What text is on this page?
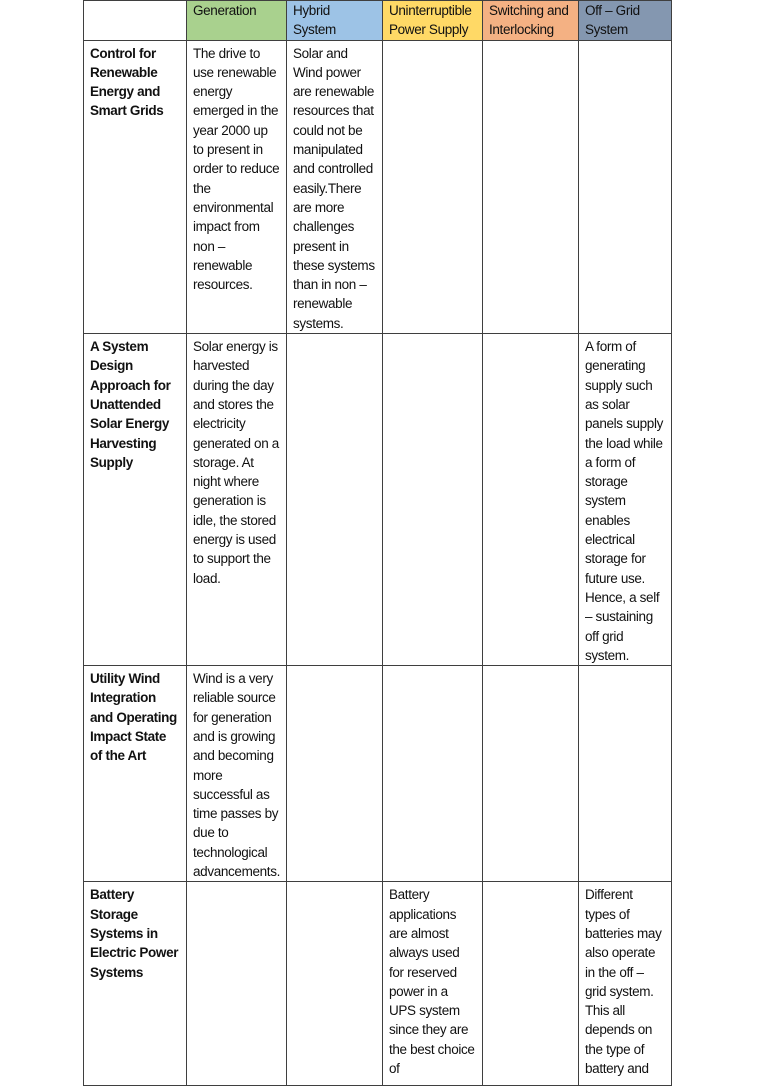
	Generation	Hybrid System	Uninterruptible Power Supply	Switching and Interlocking	Off – Grid System
Control for Renewable Energy and Smart Grids	The drive to use renewable energy emerged in the year 2000 up to present in order to reduce the environmental impact from non – renewable resources.	Solar and Wind power are renewable resources that could not be manipulated and controlled easily.There are more challenges present in these systems than in non – renewable systems.			
A System Design Approach for Unattended Solar Energy Harvesting Supply	Solar energy is harvested during the day and stores the electricity generated on a storage. At night where generation is idle, the stored energy is used to support the load.				A form of generating supply such as solar panels supply the load while a form of storage system enables electrical storage for future use. Hence, a self – sustaining off grid system.
Utility Wind Integration and Operating Impact State of the Art	Wind is a very reliable source for generation and is growing and becoming more successful as time passes by due to technological advancements.				
Battery Storage Systems in Electric Power Systems			Battery applications are almost always used for reserved power in a UPS system since they are the best choice of		Different types of batteries may also operate in the off – grid system. This all depends on the type of battery and
